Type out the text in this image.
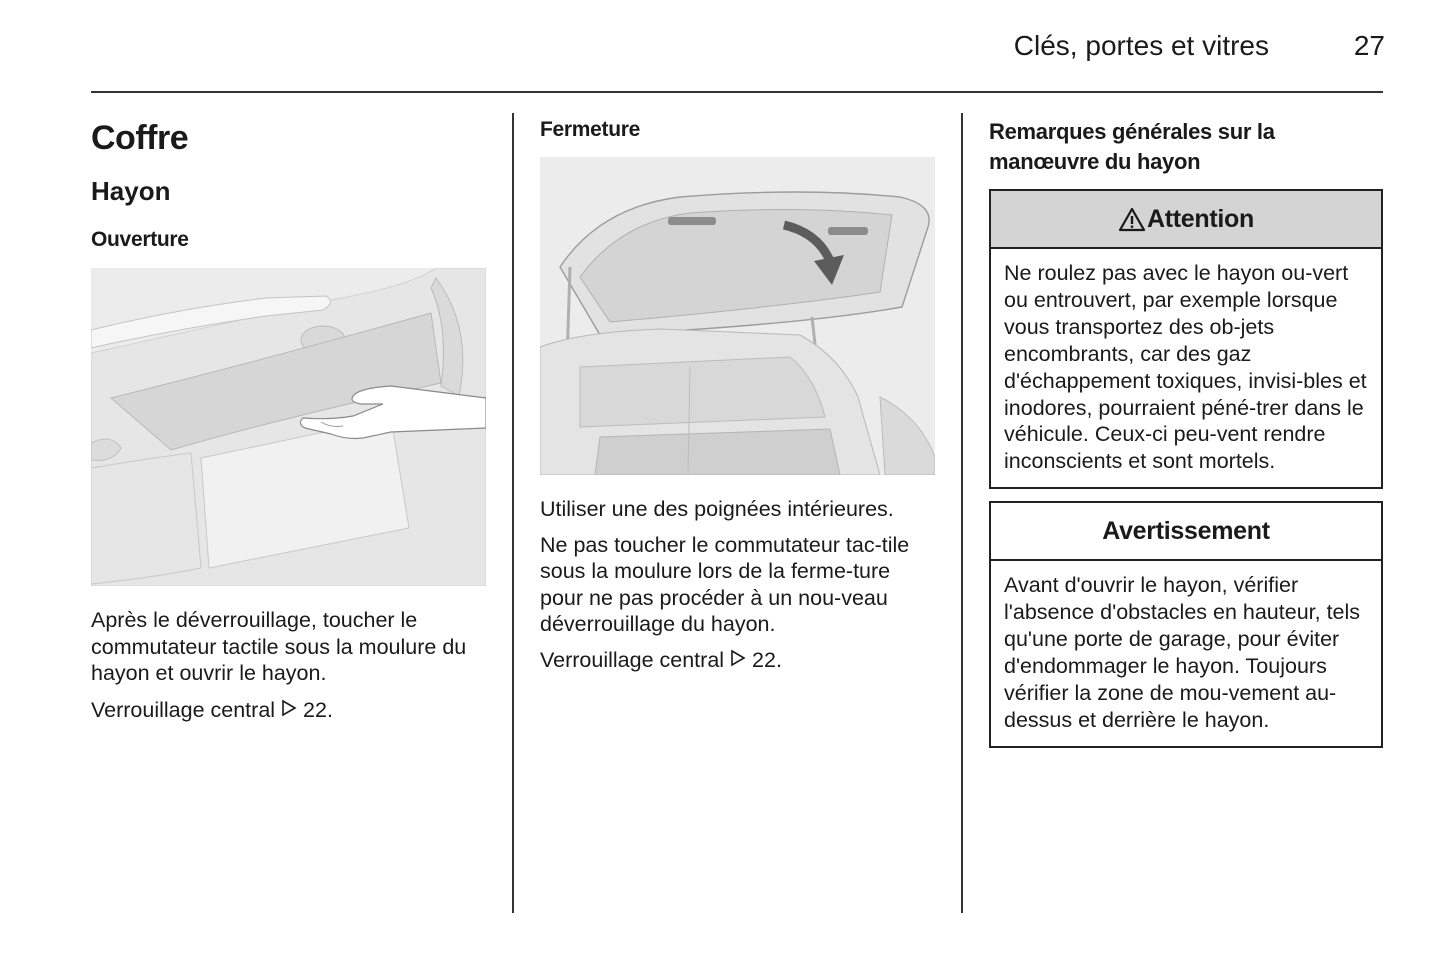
Clés, portes et vitres	27
Coffre
Hayon
Ouverture

Après le déverrouillage, toucher le commutateur tactile sous la moulure du hayon et ouvrir le hayon.

Verrouillage central 22.

Fermeture

Utiliser une des poignées intérieures.

Ne pas toucher le commutateur tac-tile sous la moulure lors de la ferme-ture pour ne pas procéder à un nou-veau déverrouillage du hayon.

Verrouillage central 22.

Remarques générales sur la manœuvre du hayon
Attention

Ne roulez pas avec le hayon ou-vert ou entrouvert, par exemple lorsque vous transportez des ob-jets encombrants, car des gaz d'échappement toxiques, invisi-bles et inodores, pourraient péné-trer dans le véhicule. Ceux-ci peu-vent rendre inconscients et sont mortels.

Avertissement

Avant d'ouvrir le hayon, vérifier l'absence d'obstacles en hauteur, tels qu'une porte de garage, pour éviter d'endommager le hayon. Toujours vérifier la zone de mou-vement au-dessus et derrière le hayon.
